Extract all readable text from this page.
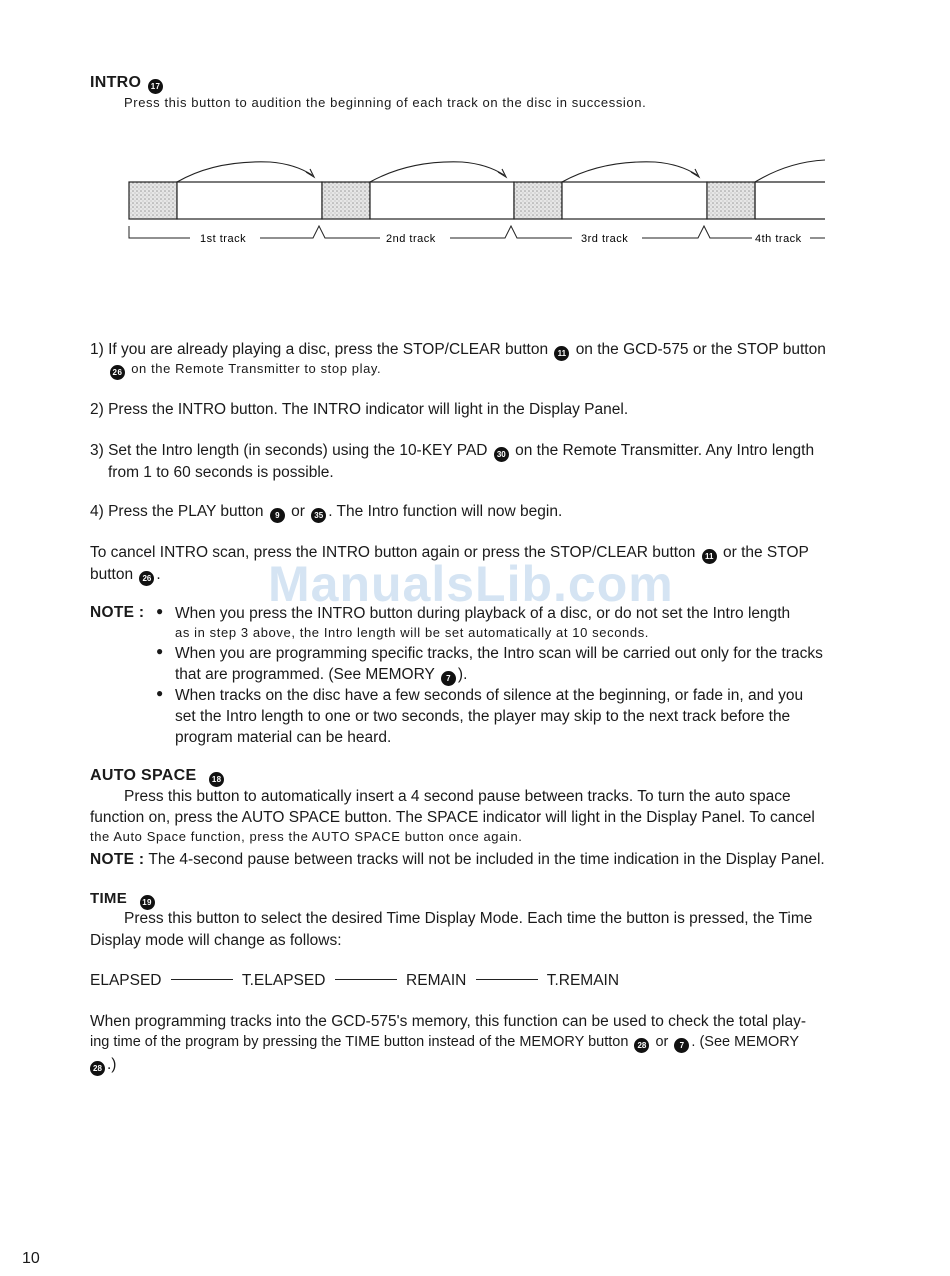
INTRO 17
Press this button to audition the beginning of each track on the disc in succession.
1st track	2nd track	3rd track	4th track
1) If you are already playing a disc, press the STOP/CLEAR button 11 on the GCD-575 or the STOP button
26 on the Remote Transmitter to stop play.
2) Press the INTRO button. The INTRO indicator will light in the Display Panel.
3) Set the Intro length (in seconds) using the 10-KEY PAD 30 on the Remote Transmitter. Any Intro length
from 1 to 60 seconds is possible.
4) Press the PLAY button 9 or 35 . The Intro function will now begin.
To cancel INTRO scan, press the INTRO button again or press the STOP/CLEAR button 11 or the STOP
button 26 . ManualsLib.com
NOTE : ● When you press the INTRO button during playback of a disc, or do not set the Intro length
as in step 3 above, the Intro length will be set automatically at 10 seconds.
● When you are programming specific tracks, the Intro scan will be carried out only for the tracks
that are programmed. (See MEMORY 7 ).
● When tracks on the disc have a few seconds of silence at the beginning, or fade in, and you
set the Intro length to one or two seconds, the player may skip to the next track before the
program material can be heard.
AUTO SPACE 18
Press this button to automatically insert a 4 second pause between tracks. To turn the auto space
function on, press the AUTO SPACE button. The SPACE indicator will light in the Display Panel. To cancel
the Auto Space function, press the AUTO SPACE button once again.
NOTE : The 4-second pause between tracks will not be included in the time indication in the Display Panel.
TIME 19
Press this button to select the desired Time Display Mode. Each time the button is pressed, the Time
Display mode will change as follows:
ELAPSED	T.ELAPSED	REMAIN	T.REMAIN
When programming tracks into the GCD-575's memory, this function can be used to check the total play-
ing time of the program by pressing the TIME button instead of the MEMORY button 28 or 7 . (See MEMORY
28 .)
10
